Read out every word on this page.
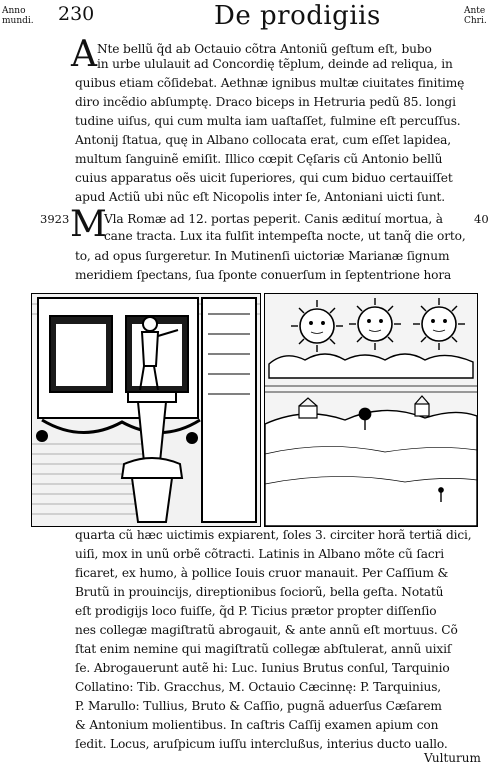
Anno mundi.	230	De prodigiis	Ante Chri.
A Nte bellũ q̃d ab Octauio cõtra Antoniũ geſtum eſt, bubo
in urbe ululauit ad Concordię tẽplum, deinde ad reliqua, in
quibus etiam cõſidebat. Aethnæ ignibus multæ ciuitates finitimę
diro incẽdio abſumptę. Draco biceps in Hetruria pedũ 85. longi
tudine uiſus, qui cum multa iam uaſtaſſet, fulmine eſt percuſſus.
Antonij ſtatua, quę in Albano collocata erat, cum eſſet lapidea,
multum ſanguinẽ emiſit. Illico cœpit Cęſaris cũ Antonio bellũ
cuius apparatus oẽs uicit ſuperiores, qui cum biduo certauiſſet
apud Actiũ ubi nũc eſt Nicopolis inter ſe, Antoniani uicti ſunt.
3923	40
M
Vla Romæ ad 12. portas peperit. Canis ædituí mortua, à
cane tracta. Lux ita fulſit intempeſta nocte, ut tanq̃ die orto,
to, ad opus ſurgeretur. In Mutinenſi uictoriæ Marianæ ſignum
meridiem ſpectans, ſua ſponte conuerſum in ſeptentrione hora
quarta cũ hæc uictimis expiarent, ſoles 3. circiter horã tertiã dici,
uiſi, mox in unũ orbẽ cõtracti. Latinis in Albano mõte cũ ſacri
ficaret, ex humo, à pollice Iouis cruor manauit. Per Caſſium &
Brutũ in prouincijs, direptionibus ſociorũ, bella geſta. Notatũ
eſt prodigijs loco fuiſſe, q̃d P. Ticius prætor propter diſſenſio
nes collegæ magiſtratũ abrogauit, & ante annũ eſt mortuus. Cõ
ſtat enim nemine qui magiſtratũ collegæ abſtulerat, annũ uixiſ
ſe. Abrogauerunt autẽ hi: Luc. Iunius Brutus conſul, Tarquinio
Collatino: Tib. Gracchus, M. Octauio Cæcinnę: P. Tarquinius,
P. Marullo: Tullius, Bruto & Caſſio, pugnã aduerſus Cæſarem
& Antonium molientibus. In caſtris Caſſij examen apium con
ſedit. Locus, aruſpicum iuſſu interclußus, interius ducto uallo.
Vulturum
